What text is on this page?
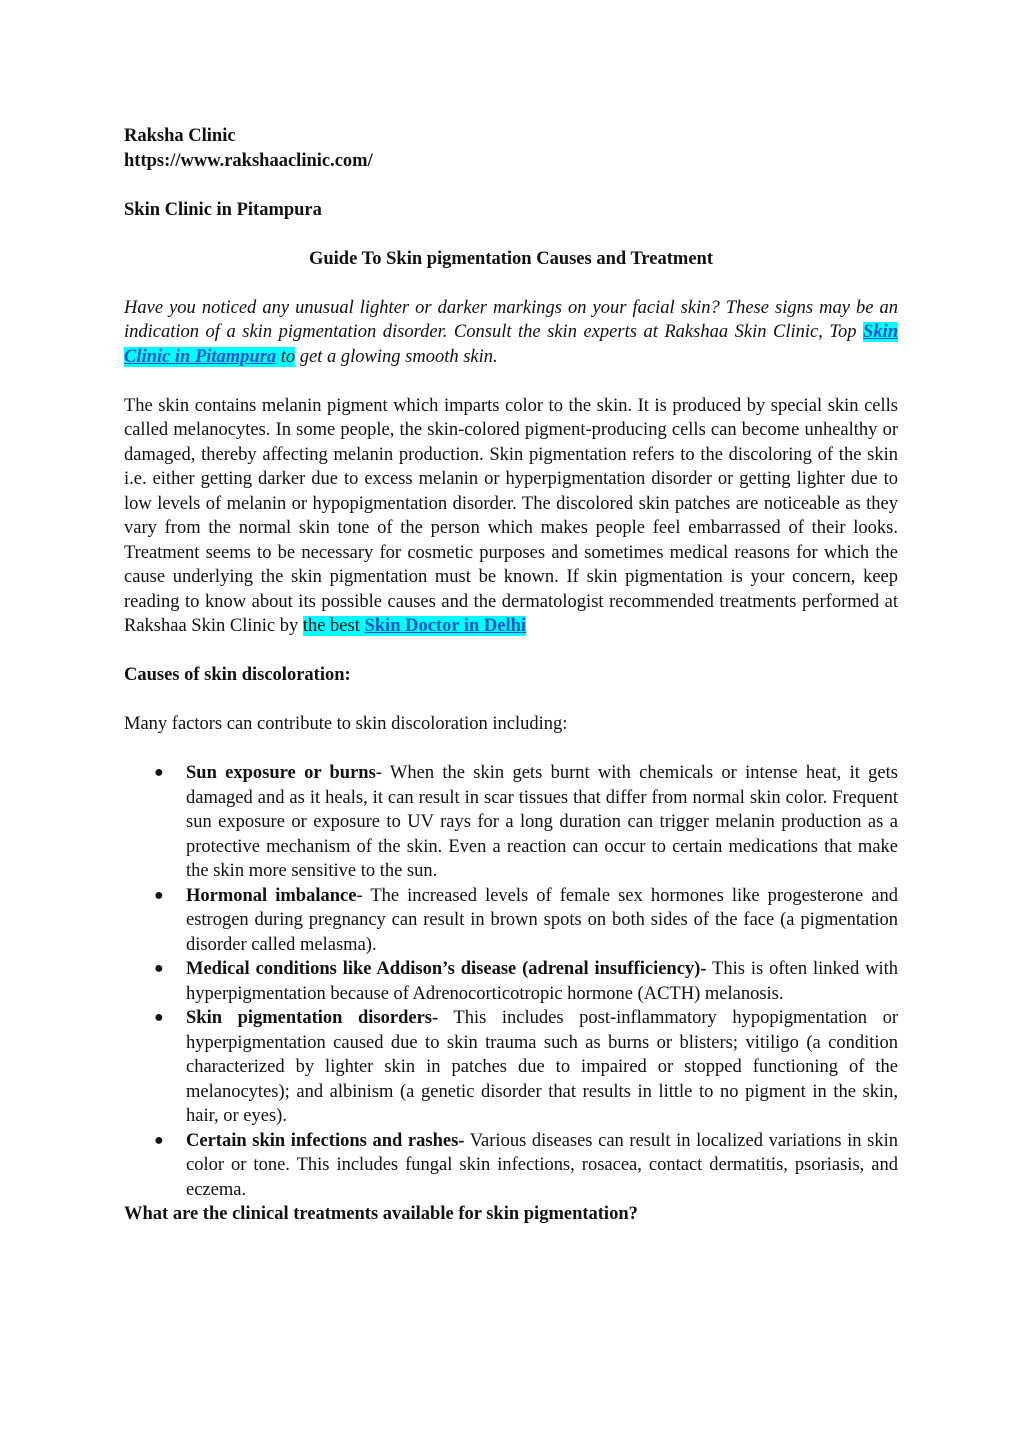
Raksha Clinic

https://www.rakshaaclinic.com/

Skin Clinic in Pitampura

Guide To Skin pigmentation Causes and Treatment

Have you noticed any unusual lighter or darker markings on your facial skin? These signs may be an indication of a skin pigmentation disorder. Consult the skin experts at Rakshaa Skin Clinic, Top Skin Clinic in Pitampura to get a glowing smooth skin.

The skin contains melanin pigment which imparts color to the skin. It is produced by special skin cells called melanocytes. In some people, the skin-colored pigment-producing cells can become unhealthy or damaged, thereby affecting melanin production. Skin pigmentation refers to the discoloring of the skin i.e. either getting darker due to excess melanin or hyperpigmentation disorder or getting lighter due to low levels of melanin or hypopigmentation disorder. The discolored skin patches are noticeable as they vary from the normal skin tone of the person which makes people feel embarrassed of their looks. Treatment seems to be necessary for cosmetic purposes and sometimes medical reasons for which the cause underlying the skin pigmentation must be known. If skin pigmentation is your concern, keep reading to know about its possible causes and the dermatologist recommended treatments performed at Rakshaa Skin Clinic by the best Skin Doctor in Delhi

Causes of skin discoloration:

Many factors can contribute to skin discoloration including:

● Sun exposure or burns- When the skin gets burnt with chemicals or intense heat, it gets damaged and as it heals, it can result in scar tissues that differ from normal skin color. Frequent sun exposure or exposure to UV rays for a long duration can trigger melanin production as a protective mechanism of the skin. Even a reaction can occur to certain medications that make the skin more sensitive to the sun.
● Hormonal imbalance- The increased levels of female sex hormones like progesterone and estrogen during pregnancy can result in brown spots on both sides of the face (a pigmentation disorder called melasma).
● Medical conditions like Addison’s disease (adrenal insufficiency)- This is often linked with hyperpigmentation because of Adrenocorticotropic hormone (ACTH) melanosis.
● Skin pigmentation disorders- This includes post-inflammatory hypopigmentation or hyperpigmentation caused due to skin trauma such as burns or blisters; vitiligo (a condition characterized by lighter skin in patches due to impaired or stopped functioning of the melanocytes); and albinism (a genetic disorder that results in little to no pigment in the skin, hair, or eyes).
● Certain skin infections and rashes- Various diseases can result in localized variations in skin color or tone. This includes fungal skin infections, rosacea, contact dermatitis, psoriasis, and eczema.

What are the clinical treatments available for skin pigmentation?
